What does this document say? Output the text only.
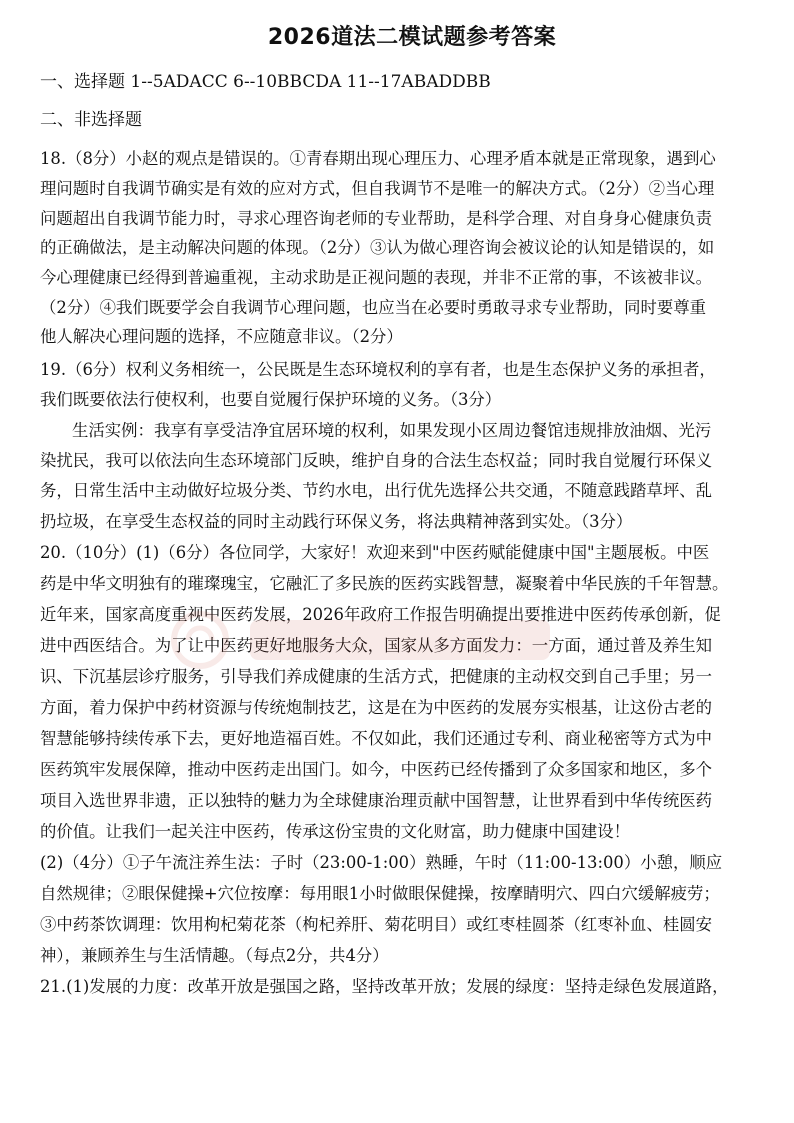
2026道法二模试题参考答案
一、选择题 1--5ADACC 6--10BBCDA 11--17ABADDBB
二、非选择题
18.（8分）小赵的观点是错误的。①青春期出现心理压力、心理矛盾本就是正常现象，遇到心
理问题时自我调节确实是有效的应对方式，但自我调节不是唯一的解决方式。（2分）②当心理
问题超出自我调节能力时，寻求心理咨询老师的专业帮助，是科学合理、对自身身心健康负责
的正确做法，是主动解决问题的体现。（2分）③认为做心理咨询会被议论的认知是错误的，如
今心理健康已经得到普遍重视，主动求助是正视问题的表现，并非不正常的事，不该被非议。
（2分）④我们既要学会自我调节心理问题，也应当在必要时勇敢寻求专业帮助，同时要尊重
他人解决心理问题的选择，不应随意非议。（2分）
19.（6分）权利义务相统一，公民既是生态环境权利的享有者，也是生态保护义务的承担者，
我们既要依法行使权利，也要自觉履行保护环境的义务。（3分）
生活实例：我享有享受洁净宜居环境的权利，如果发现小区周边餐馆违规排放油烟、光污
染扰民，我可以依法向生态环境部门反映，维护自身的合法生态权益；同时我自觉履行环保义
务，日常生活中主动做好垃圾分类、节约水电，出行优先选择公共交通，不随意践踏草坪、乱
扔垃圾，在享受生态权益的同时主动践行环保义务，将法典精神落到实处。（3分）
20.（10分）(1)（6分）各位同学，大家好！欢迎来到"中医药赋能健康中国"主题展板。中医
药是中华文明独有的璀璨瑰宝，它融汇了多民族的医药实践智慧，凝聚着中华民族的千年智慧。
近年来，国家高度重视中医药发展，2026年政府工作报告明确提出要推进中医药传承创新，促
进中西医结合。为了让中医药更好地服务大众，国家从多方面发力：一方面，通过普及养生知
识、下沉基层诊疗服务，引导我们养成健康的生活方式，把健康的主动权交到自己手里；另一
方面，着力保护中药材资源与传统炮制技艺，这是在为中医药的发展夯实根基，让这份古老的
智慧能够持续传承下去，更好地造福百姓。不仅如此，我们还通过专利、商业秘密等方式为中
医药筑牢发展保障，推动中医药走出国门。如今，中医药已经传播到了众多国家和地区，多个
项目入选世界非遗，正以独特的魅力为全球健康治理贡献中国智慧，让世界看到中华传统医药
的价值。让我们一起关注中医药，传承这份宝贵的文化财富，助力健康中国建设！
(2)（4分）①子午流注养生法：子时（23:00-1:00）熟睡，午时（11:00-13:00）小憩，顺应
自然规律；②眼保健操+穴位按摩：每用眼1小时做眼保健操，按摩睛明穴、四白穴缓解疲劳；
③中药茶饮调理：饮用枸杞菊花茶（枸杞养肝、菊花明目）或红枣桂圆茶（红枣补血、桂圆安
神），兼顾养生与生活情趣。（每点2分，共4分）
21.(1)发展的力度：改革开放是强国之路，坚持改革开放；发展的绿度：坚持走绿色发展道路，
